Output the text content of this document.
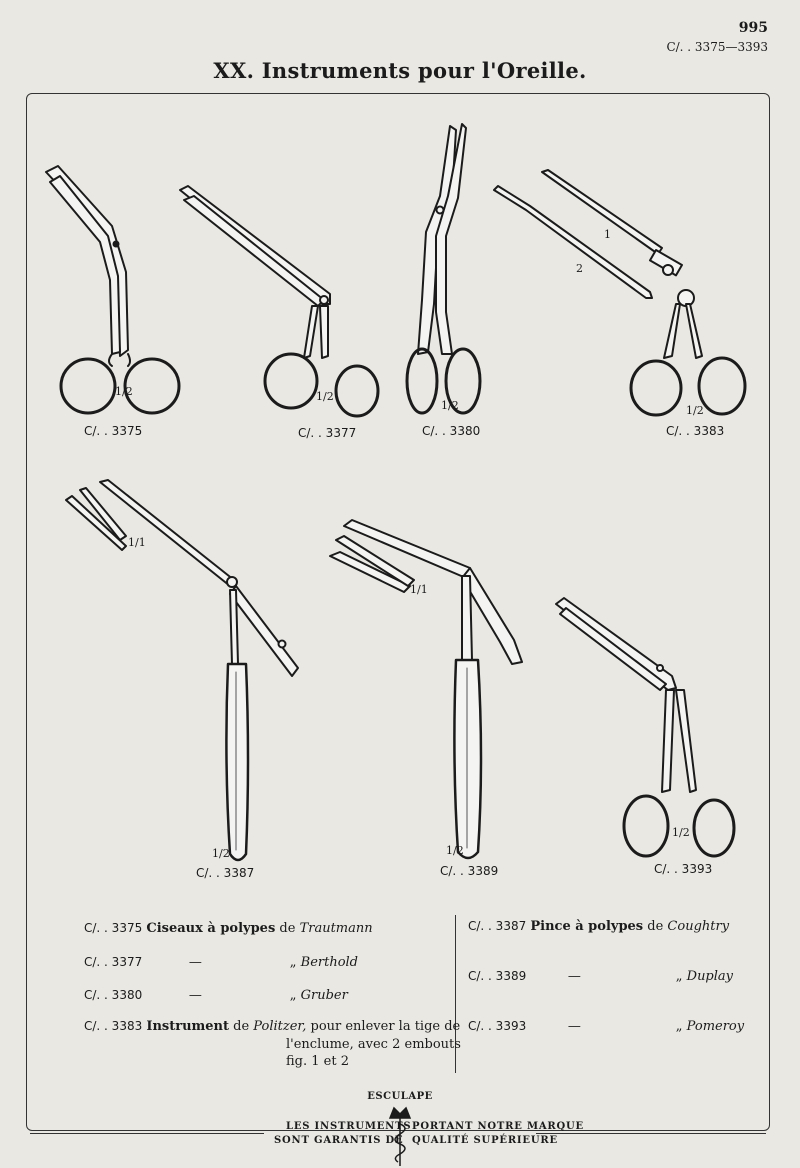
995
C/. . 3375—3393
XX. Instruments pour l'Oreille.
C/. . 3375
1/2
C/. . 3377
1/2
C/. . 3380
1/2
C/. . 3383
1/2
1
2
C/. . 3387
1/2
1/1
C/. . 3389
1/2
1/1
C/. . 3393
1/2
C/. . 3375 Ciseaux à polypes de Trautmann
C/. . 3377	—	„ Berthold
C/. . 3380	—	„ Gruber
C/. . 3383 Instrument de Politzer, pour enlever la tige de
l'enclume, avec 2 embouts
fig. 1 et 2
C/. . 3387 Pince à polypes de Coughtry
C/. . 3389	—	„ Duplay
C/. . 3393	—	„ Pomeroy
ESCULAPE
LES INSTRUMENTS PORTANT NOTRE MARQUE
SONT GARANTIS DE QUALITÉ SUPÉRIEURE
